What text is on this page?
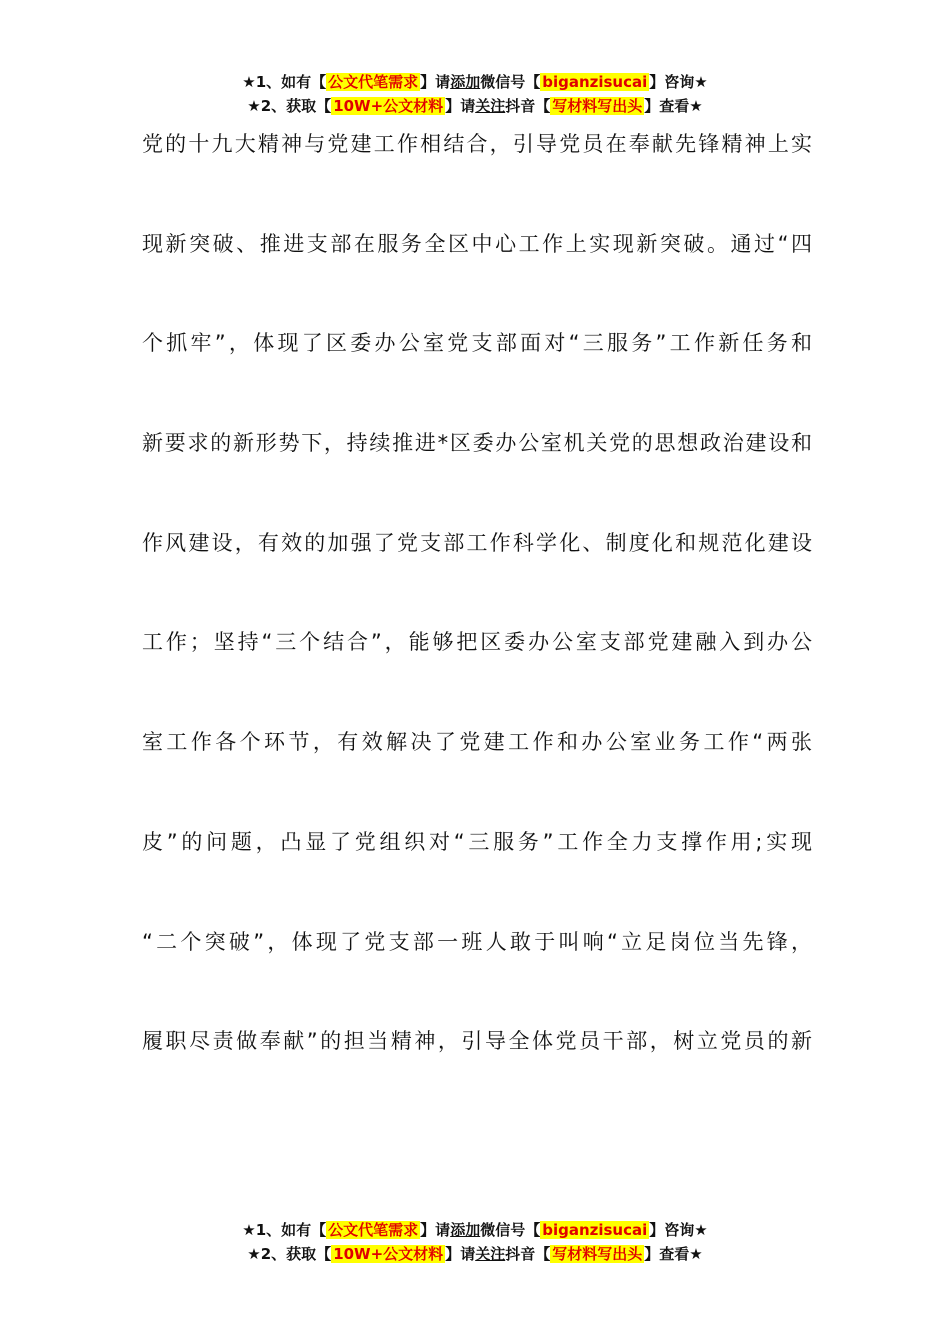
★1、如有【 公文代笔需求 】请添加微信号【 biganzisucai 】咨询★
★2、获取【 10W+公文材料 】请关注抖音【 写材料写出头 】查看★
党的十九大精神与党建工作相结合，引导党员在奉献先锋精神上实
现新突破、推进支部在服务全区中心工作上实现新突破。通过“四
个抓牢”，体现了区委办公室党支部面对“三服务”工作新任务和
新要求的新形势下，持续推进*区委办公室机关党的思想政治建设和
作风建设，有效的加强了党支部工作科学化、制度化和规范化建设
工作；坚持“三个结合”，能够把区委办公室支部党建融入到办公
室工作各个环节，有效解决了党建工作和办公室业务工作“两张
皮”的问题，凸显了党组织对“三服务”工作全力支撑作用;实现
“二个突破”，体现了党支部一班人敢于叫响“立足岗位当先锋，
履职尽责做奉献”的担当精神，引导全体党员干部，树立党员的新
★1、如有【 公文代笔需求 】请添加微信号【 biganzisucai 】咨询★
★2、获取【 10W+公文材料 】请关注抖音【 写材料写出头 】查看★
